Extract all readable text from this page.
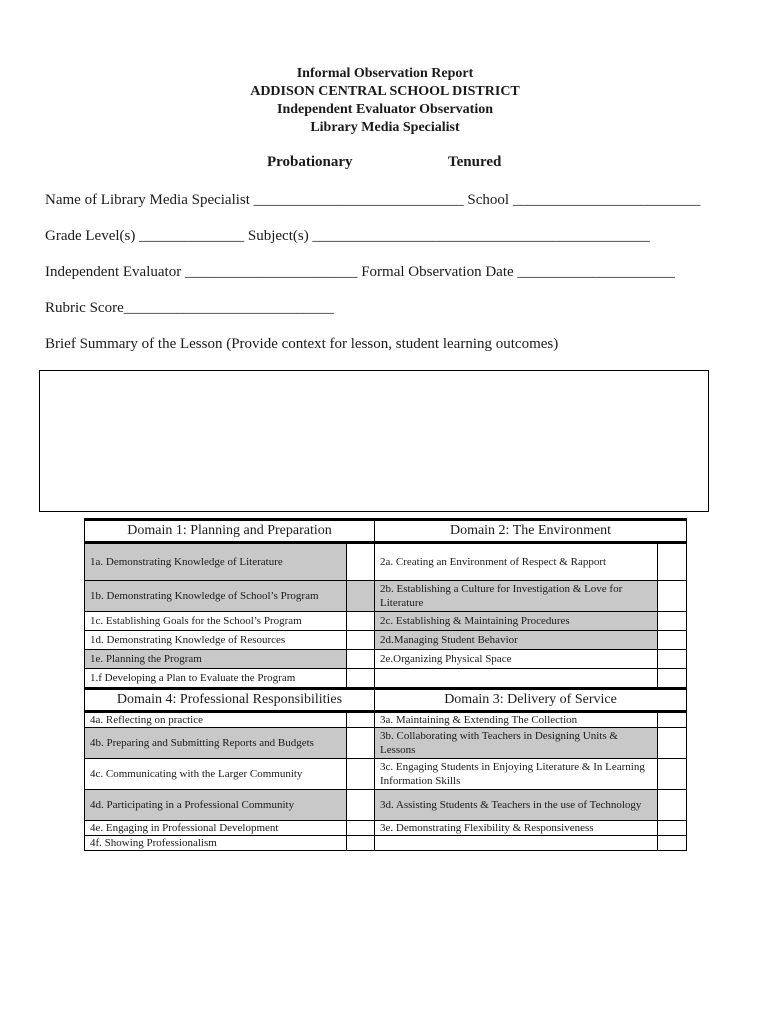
Informal Observation Report
ADDISON CENTRAL SCHOOL DISTRICT
Independent Evaluator Observation
Library Media Specialist
Probationary	Tenured
Name of Library Media Specialist ____________________________ School _________________________
Grade Level(s) ______________ Subject(s) _____________________________________________
Independent Evaluator _______________________ Formal Observation Date _____________________
Rubric Score____________________________
Brief Summary of the Lesson (Provide context for lesson, student learning outcomes)
Domain 1: Planning and Preparation		Domain 2: The Environment	
1a. Demonstrating Knowledge of Literature		2a. Creating an Environment of Respect & Rapport	
1b. Demonstrating Knowledge of School’s Program		2b. Establishing a Culture for Investigation & Love for Literature	
1c. Establishing Goals for the School’s Program		2c. Establishing & Maintaining Procedures	
1d. Demonstrating Knowledge of Resources		2d.Managing Student Behavior	
1e. Planning the Program		2e.Organizing Physical Space	
1.f Developing a Plan to Evaluate the Program			
Domain 4: Professional Responsibilities		Domain 3: Delivery of Service	
4a. Reflecting on practice		3a. Maintaining & Extending The Collection	
4b. Preparing and Submitting Reports and Budgets		3b. Collaborating with Teachers in Designing Units & Lessons	
4c. Communicating with the Larger Community		3c. Engaging Students in Enjoying Literature & In Learning Information Skills	
4d. Participating in a Professional Community		3d. Assisting Students & Teachers in the use of Technology	
4e. Engaging in Professional Development		3e. Demonstrating Flexibility & Responsiveness	
4f. Showing Professionalism			
